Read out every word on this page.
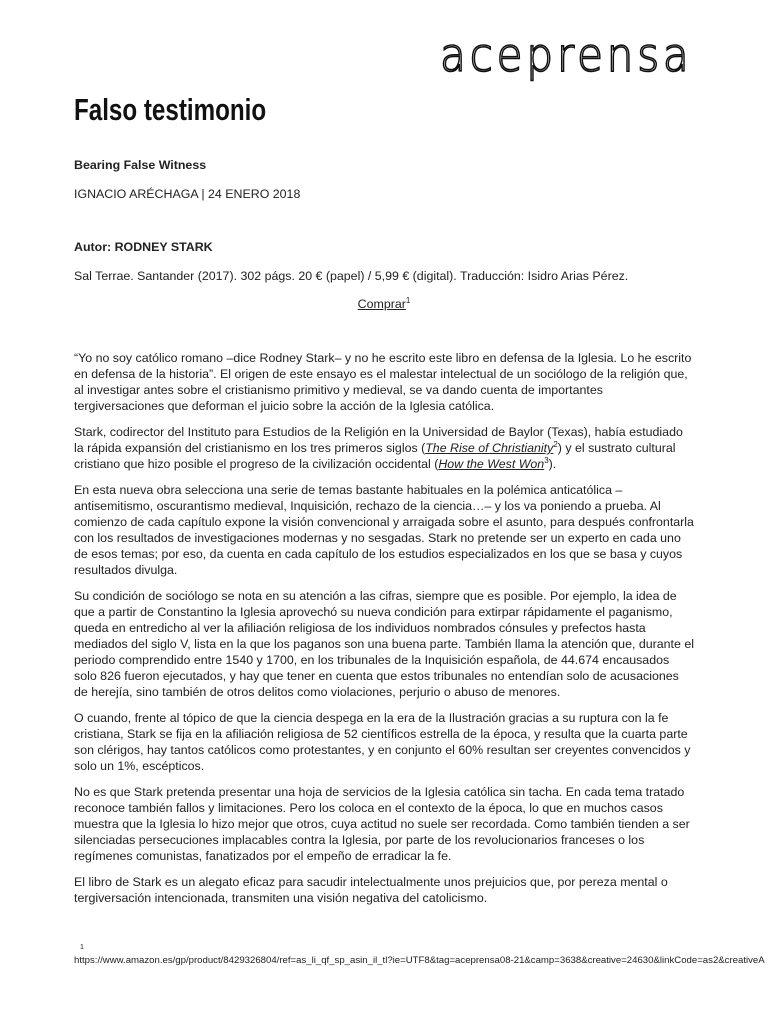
aceprensa
Falso testimonio

Bearing False Witness

IGNACIO ARÉCHAGA | 24 ENERO 2018

Autor: RODNEY STARK

Sal Terrae. Santander (2017). 302 págs. 20 € (papel) / 5,99 € (digital). Traducción: Isidro Arias Pérez.

Comprar$^1$

“Yo no soy católico romano –dice Rodney Stark– y no he escrito este libro en defensa de la Iglesia. Lo he escrito en defensa de la historia”. El origen de este ensayo es el malestar intelectual de un sociólogo de la religión que, al investigar antes sobre el cristianismo primitivo y medieval, se va dando cuenta de importantes tergiversaciones que deforman el juicio sobre la acción de la Iglesia católica.

Stark, codirector del Instituto para Estudios de la Religión en la Universidad de Baylor (Texas), había estudiado la rápida expansión del cristianismo en los tres primeros siglos (The Rise of Christianity$^2$) y el sustrato cultural cristiano que hizo posible el progreso de la civilización occidental (How the West Won$^3$).

En esta nueva obra selecciona una serie de temas bastante habituales en la polémica anticatólica –antisemitismo, oscurantismo medieval, Inquisición, rechazo de la ciencia…– y los va poniendo a prueba. Al comienzo de cada capítulo expone la visión convencional y arraigada sobre el asunto, para después confrontarla con los resultados de investigaciones modernas y no sesgadas. Stark no pretende ser un experto en cada uno de esos temas; por eso, da cuenta en cada capítulo de los estudios especializados en los que se basa y cuyos resultados divulga.

Su condición de sociólogo se nota en su atención a las cifras, siempre que es posible. Por ejemplo, la idea de que a partir de Constantino la Iglesia aprovechó su nueva condición para extirpar rápidamente el paganismo, queda en entredicho al ver la afiliación religiosa de los individuos nombrados cónsules y prefectos hasta mediados del siglo V, lista en la que los paganos son una buena parte. También llama la atención que, durante el periodo comprendido entre 1540 y 1700, en los tribunales de la Inquisición española, de 44.674 encausados solo 826 fueron ejecutados, y hay que tener en cuenta que estos tribunales no entendían solo de acusaciones de herejía, sino también de otros delitos como violaciones, perjurio o abuso de menores.

O cuando, frente al tópico de que la ciencia despega en la era de la Ilustración gracias a su ruptura con la fe cristiana, Stark se fija en la afiliación religiosa de 52 científicos estrella de la época, y resulta que la cuarta parte son clérigos, hay tantos católicos como protestantes, y en conjunto el 60% resultan ser creyentes convencidos y solo un 1%, escépticos.

No es que Stark pretenda presentar una hoja de servicios de la Iglesia católica sin tacha. En cada tema tratado reconoce también fallos y limitaciones. Pero los coloca en el contexto de la época, lo que en muchos casos muestra que la Iglesia lo hizo mejor que otros, cuya actitud no suele ser recordada. Como también tienden a ser silenciadas persecuciones implacables contra la Iglesia, por parte de los revolucionarios franceses o los regímenes comunistas, fanatizados por el empeño de erradicar la fe.

El libro de Stark es un alegato eficaz para sacudir intelectualmente unos prejuicios que, por pereza mental o tergiversación intencionada, transmiten una visión negativa del catolicismo.

1
https://www.amazon.es/gp/product/8429326804/ref=as_li_qf_sp_asin_il_tl?ie=UTF8&tag=aceprensa08-21&camp=3638&creative=24630&linkCode=as2&creativeA
